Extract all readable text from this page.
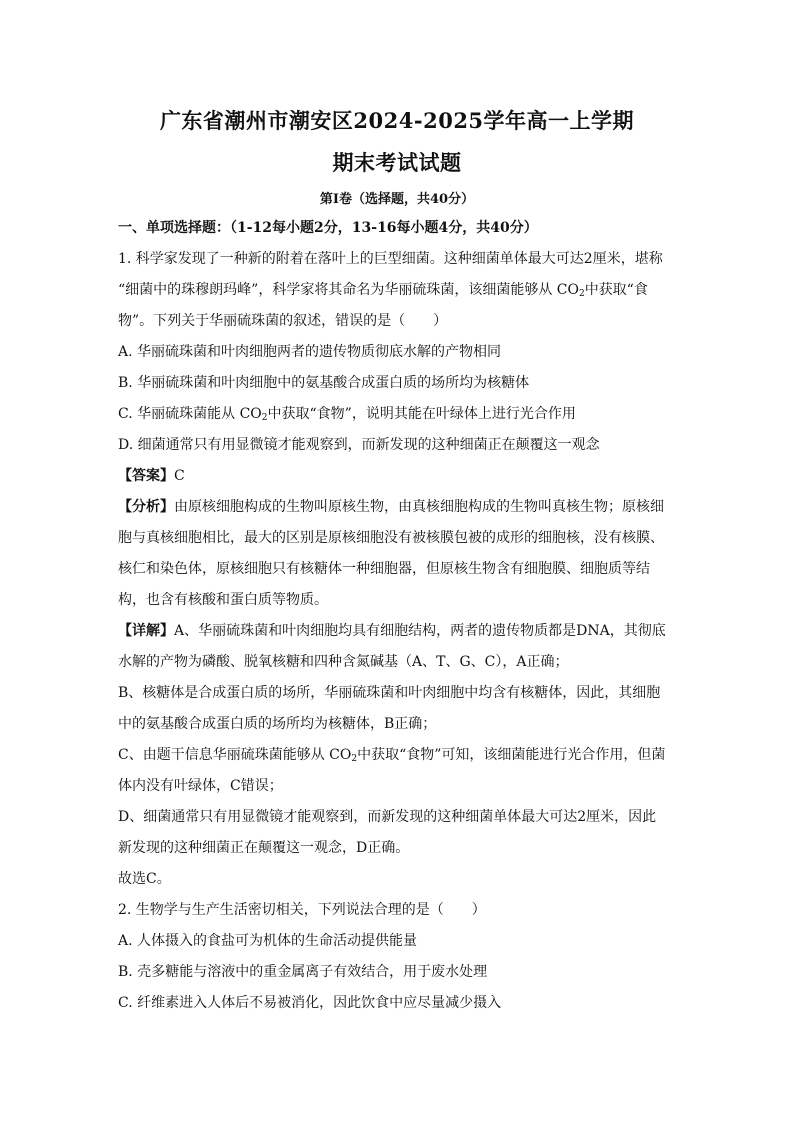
广东省潮州市潮安区2024-2025学年高一上学期
期末考试试题
第Ⅰ卷（选择题，共40分）
一、单项选择题：（1-12每小题2分，13-16每小题4分，共40分）
1. 科学家发现了一种新的附着在落叶上的巨型细菌。这种细菌单体最大可达2厘米，堪称
“细菌中的珠穆朗玛峰”，科学家将其命名为华丽硫珠菌，该细菌能够从 $CO_2$中获取“食
物”。下列关于华丽硫珠菌的叙述，错误的是（　　）
A. 华丽硫珠菌和叶肉细胞两者的遗传物质彻底水解的产物相同
B. 华丽硫珠菌和叶肉细胞中的氨基酸合成蛋白质的场所均为核糖体
C. 华丽硫珠菌能从 $CO_2$中获取“食物”，说明其能在叶绿体上进行光合作用
D. 细菌通常只有用显微镜才能观察到，而新发现的这种细菌正在颠覆这一观念
【答案】C
【分析】由原核细胞构成的生物叫原核生物，由真核细胞构成的生物叫真核生物；原核细
胞与真核细胞相比，最大的区别是原核细胞没有被核膜包被的成形的细胞核，没有核膜、
核仁和染色体，原核细胞只有核糖体一种细胞器，但原核生物含有细胞膜、细胞质等结
构，也含有核酸和蛋白质等物质。
【详解】A、华丽硫珠菌和叶肉细胞均具有细胞结构，两者的遗传物质都是DNA，其彻底
水解的产物为磷酸、脱氧核糖和四种含氮碱基（A、T、G、C），A正确；
B、核糖体是合成蛋白质的场所，华丽硫珠菌和叶肉细胞中均含有核糖体，因此，其细胞
中的氨基酸合成蛋白质的场所均为核糖体，B正确；
C、由题干信息华丽硫珠菌能够从 $CO_2$中获取“食物”可知，该细菌能进行光合作用，但菌
体内没有叶绿体，C错误；
D、细菌通常只有用显微镜才能观察到，而新发现的这种细菌单体最大可达2厘米，因此
新发现的这种细菌正在颠覆这一观念，D正确。
故选C。
2. 生物学与生产生活密切相关，下列说法合理的是（　　）
A. 人体摄入的食盐可为机体的生命活动提供能量
B. 壳多糖能与溶液中的重金属离子有效结合，用于废水处理
C. 纤维素进入人体后不易被消化，因此饮食中应尽量减少摄入
